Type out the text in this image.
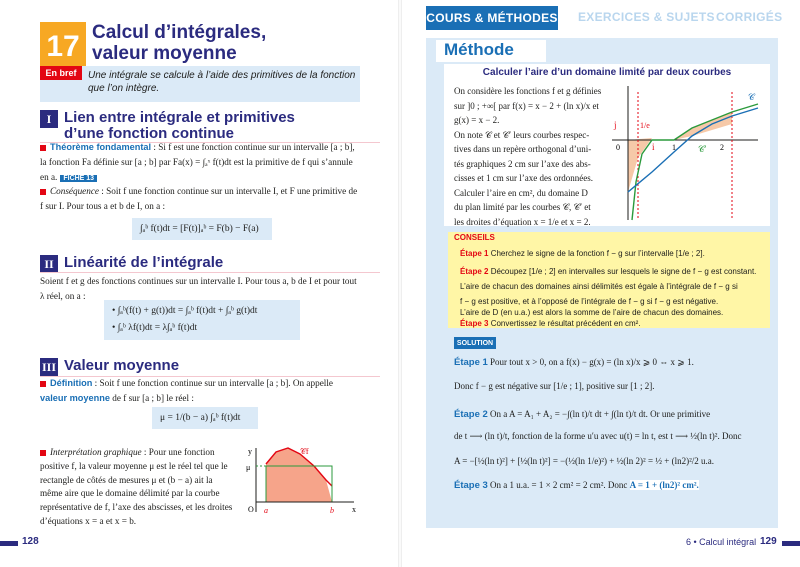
17 Calcul d’intégrales,
valeur moyenne
En bref	Une intégrale se calcule à l’aide des primitives de la fonction que l’on intègre.
I Lien entre intégrale et primitives
d’une fonction continue
Théorème fondamental : Si f est une fonction continue sur un intervalle [a ; b], la fonction Fa définie sur [a ; b] par Fa(x) = ∫ₐˣ f(t)dt est la primitive de f qui s’annule en a. FICHE 13
Conséquence : Soit f une fonction continue sur un intervalle I, et F une primitive de f sur I. Pour tous a et b de I, on a :
∫ₐᵇ f(t)dt = [F(t)]ₐᵇ = F(b) − F(a)
II Linéarité de l’intégrale
Soient f et g des fonctions continues sur un intervalle I. Pour tous a, b de I et pour tout λ réel, on a :
• ∫ₐᵇ(f(t) + g(t))dt = ∫ₐᵇ f(t)dt + ∫ₐᵇ g(t)dt
• ∫ₐᵇ λf(t)dt = λ∫ₐᵇ f(t)dt
III Valeur moyenne
Définition : Soit f une fonction continue sur un intervalle [a ; b]. On appelle valeur moyenne de f sur [a ; b] le réel :
μ = 1/(b − a) ∫ₐᵇ f(t)dt
Interprétation graphique : Pour une fonction positive f, la valeur moyenne μ est le réel tel que le rectangle de côtés de mesures μ et (b − a) ait la même aire que le domaine délimité par la courbe représentative de f, l’axe des abscisses, et les droites d’équations x = a et x = b.
y
μ
O a	b x
𝒞f
128
COURS & MÉTHODES EXERCICES & SUJETS CORRIGÉS
Méthode
Calculer l’aire d’un domaine limité par deux courbes
On considère les fonctions f et g définies
sur ]0 ; +∞[ par f(x) = x − 2 + (ln x)/x et
g(x) = x − 2.
On note 𝒞 et 𝒞′ leurs courbes respec-
tives dans un repère orthogonal d’uni-
tés graphiques 2 cm sur l’axe des abs-
cisses et 1 cm sur l’axe des ordonnées.
Calculer l’aire en cm², du domaine D
du plan limité par les courbes 𝒞, 𝒞′ et
les droites d’équation x = 1/e et x = 2.
j	1/e
i
0	1	2
𝒞
𝒞′
CONSEILS
Étape 1 Cherchez le signe de la fonction f − g sur l’intervalle [1/e ; 2].
Étape 2 Découpez [1/e ; 2] en intervalles sur lesquels le signe de f − g est constant.
L’aire de chacun des domaines ainsi délimités est égale à l’intégrale de f − g si
f − g est positive, et à l’opposé de l’intégrale de f − g si f − g est négative.
L’aire de D (en u.a.) est alors la somme de l’aire de chacun des domaines.
Étape 3 Convertissez le résultat précédent en cm².
SOLUTION
Étape 1 Pour tout x > 0, on a f(x) − g(x) = (ln x)/x ⩾ 0 ⇔ x ⩾ 1.
Donc f − g est négative sur [1/e ; 1], positive sur [1 ; 2].
Étape 2 On a A = A₁ + A₂ = −∫(ln t)/t dt + ∫(ln t)/t dt. Or une primitive
de t ⟶ (ln t)/t, fonction de la forme u′u avec u(t) = ln t, est t ⟶ ½(ln t)². Donc
A = −[½(ln t)²] + [½(ln t)²] = −(½(ln 1/e)²) + ½(ln 2)² = ½ + (ln2)²/2 u.a.
Étape 3 On a 1 u.a. = 1 × 2 cm² = 2 cm². Donc A = 1 + (ln2)² cm².
6 • Calcul intégral 129
